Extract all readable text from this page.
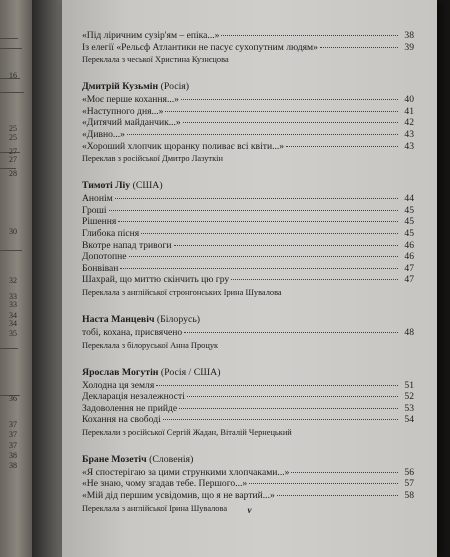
16
25
25
27
27
28
30
32
33
33
34
34
35
36
37
37
37
38
38
«Під ліричним сузір'ям – епіка...»	38
Із елегії «Рельєф Атлантики не пасує сухопутним людям»	39
Переклала з чеської Христина Кузнєцова
Дмитрій Кузьмін (Росія)
«Моє перше кохання...»	40
«Наступного дня...»	41
«Дитячий майданчик...»	42
«Дивно...»	43
«Хороший хлопчик щоранку поливає всі квіти...»	43
Переклав з російської Дмитро Лазуткін
Тимоті Ліу (США)
Анонім	44
Гроші	45
Рішення	45
Глибока пісня	45
Вкотре напад тривоги	46
Допотопне	46
Бонвіван	47
Шахрай, що миттю скінчить цю гру	47
Переклала з англійської стронгонських Ірина Шувалова
Наста Манцевіч (Білорусь)
тобі, кохана, присвячено	48
Переклала з білоруської Анна Процук
Ярослав Могутін (Росія / США)
Холодна ця земля	51
Декларація незалежності	52
Задоволення не прийде	53
Кохання на свободі	54
Переклали з російської Сергій Жадан, Віталій Чернецький
Бране Мозетіч (Словенія)
«Я спостерігаю за цими стрункими хлопчаками...»	56
«Не знаю, чому згадав тебе. Першого...»	57
«Мій дід першим усвідомив, що я не вартий...»	58
Переклала з англійської Ірина Шувалова	v
